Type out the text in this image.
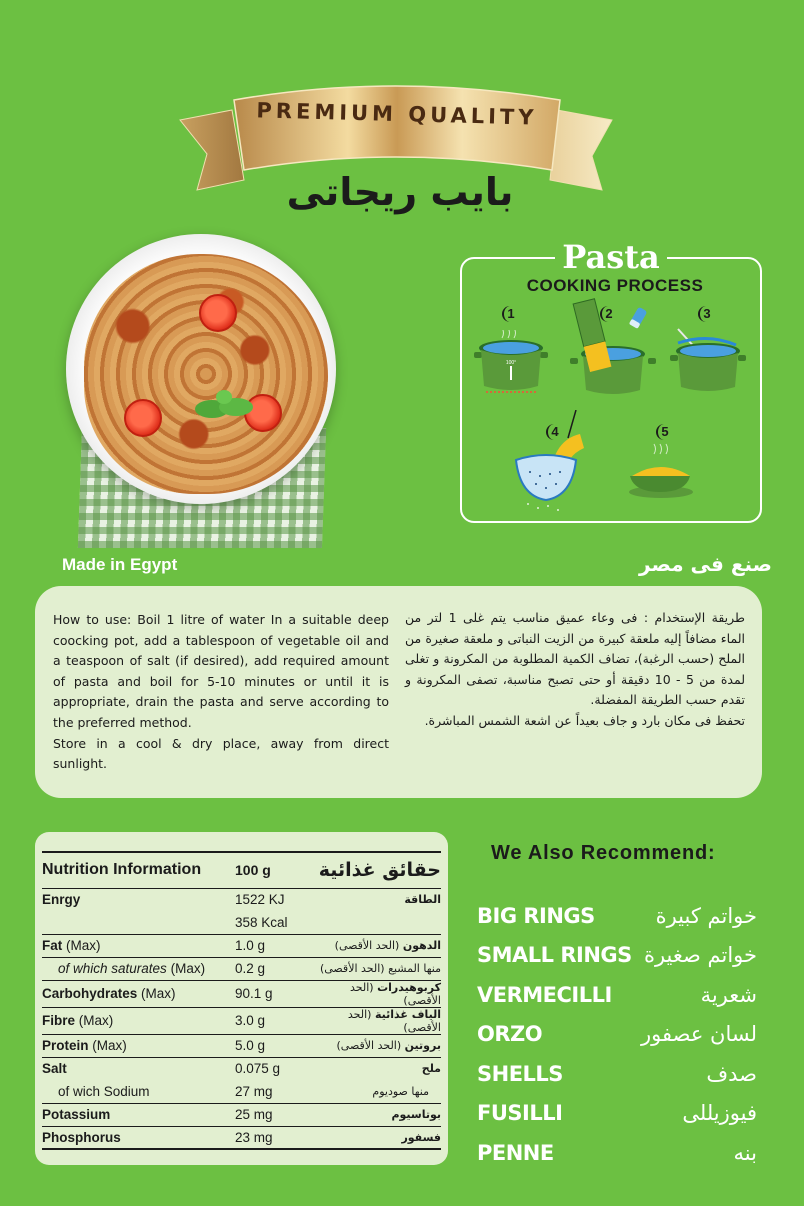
PREMIUM QUALITY
بايب ريجاتى
Pasta
COOKING PROCESS
1
100°
2	3
4	5
Made in Egypt	صنع فى مصر

How to use: Boil 1 litre of water In a suitable deep coocking pot, add a tablespoon of vegetable oil and a teaspoon of salt (if desired), add required amount of pasta and boil for 5-10 minutes or until it is appropriate, drain the pasta and serve according to the preferred method.

Store in a cool & dry place, away from direct sunlight.

طريقة الإستخدام : فى وعاء عميق مناسب يتم غلى 1 لتر من الماء مضافاً إليه ملعقة كبيرة من الزيت النباتى و ملعقة صغيرة من الملح (حسب الرغبة)، تضاف الكمية المطلوبة من المكرونة و تغلى لمدة من 5 - 10 دقيقة أو حتى تصبح مناسبة، تصفى المكرونة و تقدم حسب الطريقة المفضلة.

تحفظ فى مكان بارد و جاف بعيداً عن اشعة الشمس المباشرة.

Nutrition Information	100 g	حقائق غذائية
Enrgy	1522 KJ	الطاقة
	358 Kcal	
Fat (Max)	1.0 g	الدهون (الحد الأقصى)
of which saturates (Max)	0.2 g	منها المشبع (الحد الأقصى)
Carbohydrates (Max)	90.1 g	كربوهيدرات (الحد الأقصى)
Fibre (Max)	3.0 g	الياف غذائية (الحد الأقصى)
Protein (Max)	5.0 g	بروتين (الحد الأقصى)
Salt	0.075 g	ملح
of wich Sodium	27 mg	منها صوديوم
Potassium	25 mg	بوتاسيوم
Phosphorus	23 mg	فسفور
We Also Recommend:
BIG RINGS	خواتم كبيرة
SMALL RINGS خواتم صغيرة
VERMECILLI	شعرية
ORZO	لسان عصفور
SHELLS	صدف
FUSILLI	فيوزيللى
PENNE	بنه
